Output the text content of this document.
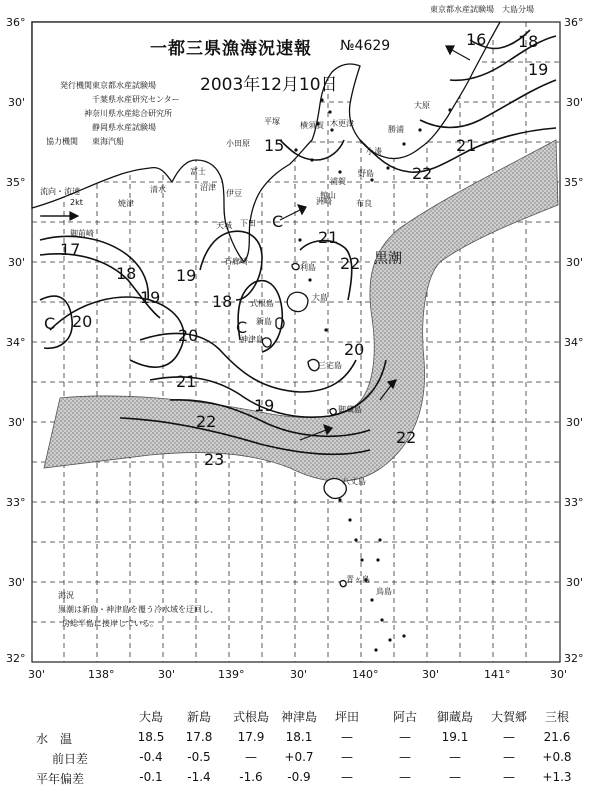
東京都水産試験場　大島分場
一都三県漁海況速報 №4629
2003年12月10日
発行機関 東京都水産試験場
千葉県水産研究センター
神奈川県水産総合研究所
静岡県水産試験場
協力機関 東海汽船
流向・流速
2kt
36°
30'
35°
30'
34°
30'
33°
30'
32°
36°
30'
35°
30'
34°
30'
33°
30'
32°
30'	138°	30'	139°	30'	140°	30'	141°	30'
17
18 19
20
21
22
23
20
19
18
19
20
21
22
22
16
15
18
19
21
22
C	C
C
黒潮
大島
新島
式根島
神津島
三宅島
御蔵島
八丈島
青ヶ島
鳥島
利島
石廊崎
下田
沼津
伊豆
平塚	横須賀
小田原
浦賀
館山
勝浦
小湊
布良
木更津
大原
洲崎
野島
天城
焼津
御前崎
清水
富士
海況
黒潮は新島・神津島を覆う冷水域を迂回し、
房総半島に接岸している。
大島	新島	式根島 神津島	坪田	阿古	御蔵島	大賀郷	三根
水　温	18.5	17.8	17.9	18.1	—	—	19.1	—	21.6
前日差	-0.4	-0.5	—	+0.7	—	—	—	—	+0.8
平年偏差	-0.1	-1.4	-1.6	-0.9	—	—	—	—	+1.3
